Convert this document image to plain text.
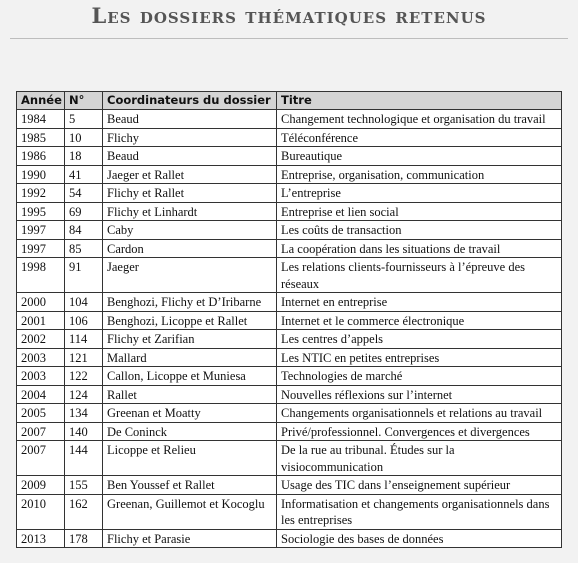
Les dossiers thématiques retenus
Année	N°	Coordinateurs du dossier	Titre
1984	5	Beaud	Changement technologique et organisation du travail
1985	10	Flichy	Téléconférence
1986	18	Beaud	Bureautique
1990	41	Jaeger et Rallet	Entreprise, organisation, communication
1992	54	Flichy et Rallet	L’entreprise
1995	69	Flichy et Linhardt	Entreprise et lien social
1997	84	Caby	Les coûts de transaction
1997	85	Cardon	La coopération dans les situations de travail
1998	91	Jaeger	Les relations clients-fournisseurs à l’épreuve des réseaux
2000	104	Benghozi, Flichy et D’Iribarne	Internet en entreprise
2001	106	Benghozi, Licoppe et Rallet	Internet et le commerce électronique
2002	114	Flichy et Zarifian	Les centres d’appels
2003	121	Mallard	Les NTIC en petites entreprises
2003	122	Callon, Licoppe et Muniesa	Technologies de marché
2004	124	Rallet	Nouvelles réflexions sur l’internet
2005	134	Greenan et Moatty	Changements organisationnels et relations au travail
2007	140	De Coninck	Privé/professionnel. Convergences et divergences
2007	144	Licoppe et Relieu	De la rue au tribunal. Études sur la visiocommunication
2009	155	Ben Youssef et Rallet	Usage des TIC dans l’enseignement supérieur
2010	162	Greenan, Guillemot et Kocoglu	Informatisation et changements organisationnels dans les entreprises
2013	178	Flichy et Parasie	Sociologie des bases de données
